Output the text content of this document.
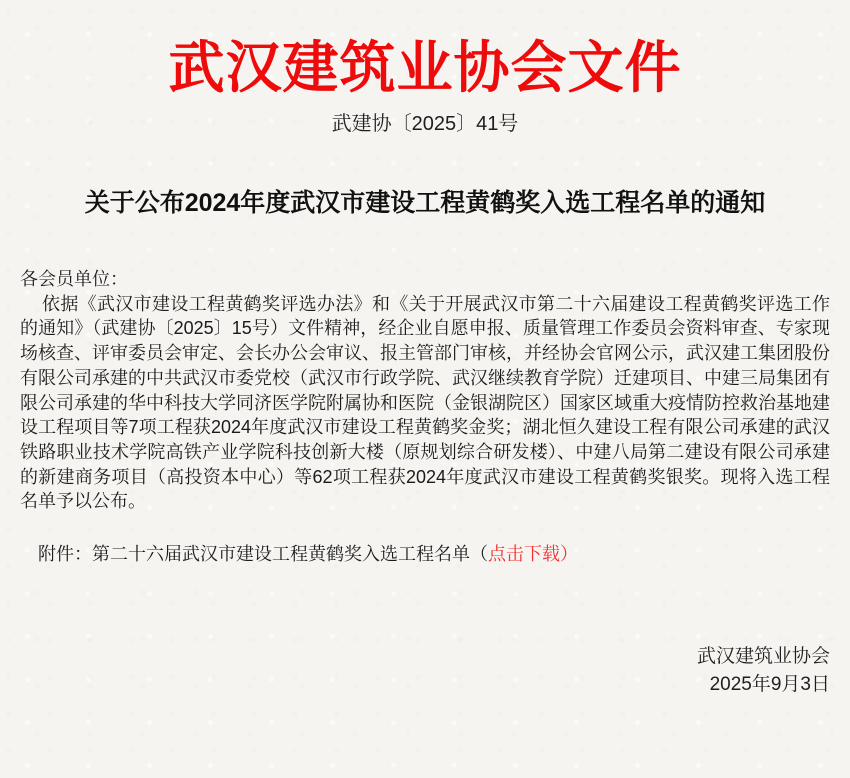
武汉建筑业协会文件
武建协〔2025〕41号
关于公布2024年度武汉市建设工程黄鹤奖入选工程名单的通知

各会员单位：

依据《武汉市建设工程黄鹤奖评选办法》和《关于开展武汉市第二十六届建设工程黄鹤奖评选工作的通知》（武建协〔2025〕15号）文件精神，经企业自愿申报、质量管理工作委员会资料审查、专家现场核查、评审委员会审定、会长办公会审议、报主管部门审核，并经协会官网公示，武汉建工集团股份有限公司承建的中共武汉市委党校（武汉市行政学院、武汉继续教育学院）迁建项目、中建三局集团有限公司承建的华中科技大学同济医学院附属协和医院（金银湖院区）国家区域重大疫情防控救治基地建设工程项目等7项工程获2024年度武汉市建设工程黄鹤奖金奖；湖北恒久建设工程有限公司承建的武汉铁路职业技术学院高铁产业学院科技创新大楼（原规划综合研发楼）、中建八局第二建设有限公司承建的新建商务项目（高投资本中心）等62项工程获2024年度武汉市建设工程黄鹤奖银奖。现将入选工程名单予以公布。

附件：第二十六届武汉市建设工程黄鹤奖入选工程名单（点击下载）

武汉建筑业协会
2025年9月3日
